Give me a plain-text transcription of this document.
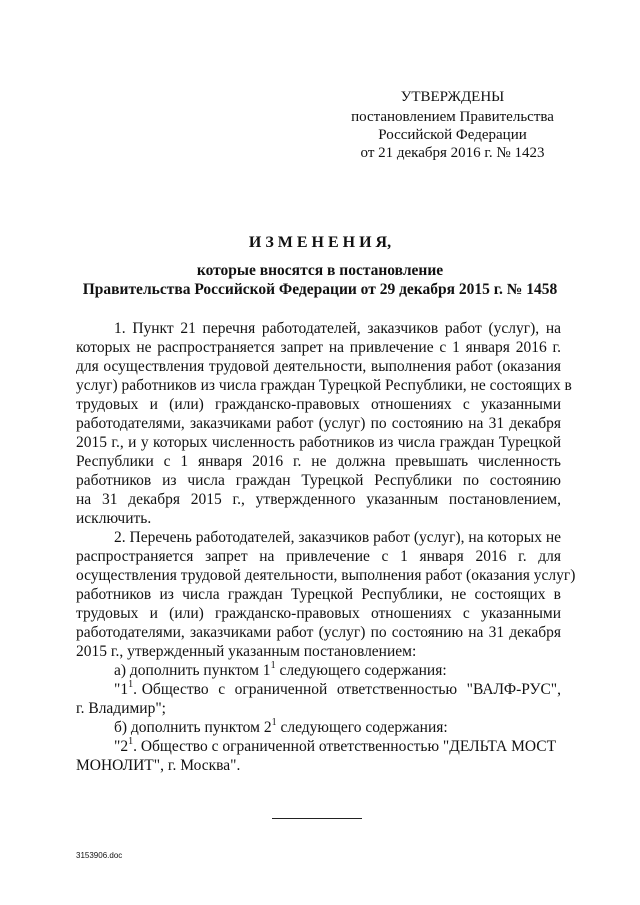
УТВЕРЖДЕНЫ
постановлением Правительства
Российской Федерации
от 21 декабря 2016 г. № 1423
И З М Е Н Е Н И Я,
которые вносятся в постановление
Правительства Российской Федерации от 29 декабря 2015 г. № 1458
1. Пункт 21 перечня работодателей, заказчиков работ (услуг), на
которых не распространяется запрет на привлечение с 1 января 2016 г.
для осуществления трудовой деятельности, выполнения работ (оказания
услуг) работников из числа граждан Турецкой Республики, не состоящих в
трудовых и (или) гражданско-правовых отношениях с указанными
работодателями, заказчиками работ (услуг) по состоянию на 31 декабря
2015 г., и у которых численность работников из числа граждан Турецкой
Республики с 1 января 2016 г. не должна превышать численность
работников из числа граждан Турецкой Республики по состоянию
на 31 декабря 2015 г., утвержденного указанным постановлением,
исключить.
2. Перечень работодателей, заказчиков работ (услуг), на которых не
распространяется запрет на привлечение с 1 января 2016 г. для
осуществления трудовой деятельности, выполнения работ (оказания услуг)
работников из числа граждан Турецкой Республики, не состоящих в
трудовых и (или) гражданско-правовых отношениях с указанными
работодателями, заказчиками работ (услуг) по состоянию на 31 декабря
2015 г., утвержденный указанным постановлением:
а) дополнить пунктом $1^1$ следующего содержания:
"$1^1$. Общество  с  ограниченной  ответственностью  "ВАЛФ-РУС",
г. Владимир";
б) дополнить пунктом $2^1$ следующего содержания:
"$2^1$. Общество с ограниченной ответственностью "ДЕЛЬТА МОСТ
МОНОЛИТ", г. Москва".
3153906.doc
